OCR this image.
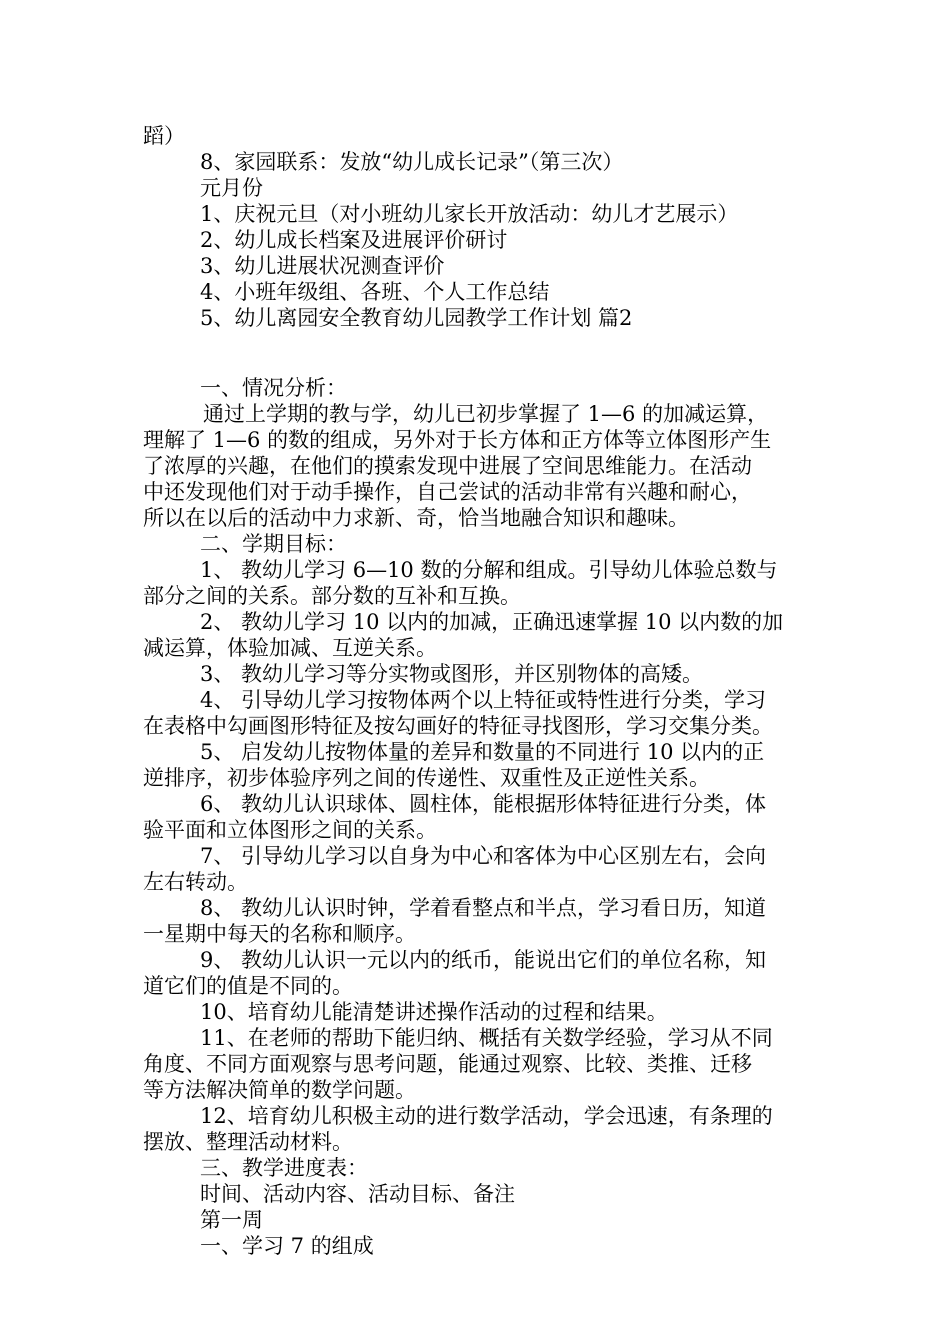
蹈）
8、家园联系：发放“幼儿成长记录”（第三次）
元月份
1、庆祝元旦（对小班幼儿家长开放活动：幼儿才艺展示）
2、幼儿成长档案及进展评价研讨
3、幼儿进展状况测查评价
4、小班年级组、各班、个人工作总结
5、幼儿离园安全教育幼儿园教学工作计划 篇2
一、情况分析：
通过上学期的教与学，幼儿已初步掌握了 1—6 的加减运算，
理解了 1—6 的数的组成，另外对于长方体和正方体等立体图形产生
了浓厚的兴趣，在他们的摸索发现中进展了空间思维能力。在活动
中还发现他们对于动手操作，自己尝试的活动非常有兴趣和耐心，
所以在以后的活动中力求新、奇，恰当地融合知识和趣味。
二、学期目标：
1、 教幼儿学习 6—10 数的分解和组成。引导幼儿体验总数与
部分之间的关系。部分数的互补和互换。
2、 教幼儿学习 10 以内的加减，正确迅速掌握 10 以内数的加
减运算，体验加减、互逆关系。
3、 教幼儿学习等分实物或图形，并区别物体的高矮。
4、 引导幼儿学习按物体两个以上特征或特性进行分类，学习
在表格中勾画图形特征及按勾画好的特征寻找图形，学习交集分类。
5、 启发幼儿按物体量的差异和数量的不同进行 10 以内的正
逆排序，初步体验序列之间的传递性、双重性及正逆性关系。
6、 教幼儿认识球体、圆柱体，能根据形体特征进行分类，体
验平面和立体图形之间的关系。
7、 引导幼儿学习以自身为中心和客体为中心区别左右，会向
左右转动。
8、 教幼儿认识时钟，学着看整点和半点，学习看日历，知道
一星期中每天的名称和顺序。
9、 教幼儿认识一元以内的纸币，能说出它们的单位名称，知
道它们的值是不同的。
10、培育幼儿能清楚讲述操作活动的过程和结果。
11、在老师的帮助下能归纳、概括有关数学经验，学习从不同
角度、不同方面观察与思考问题，能通过观察、比较、类推、迁移
等方法解决简单的数学问题。
12、培育幼儿积极主动的进行数学活动，学会迅速，有条理的
摆放、整理活动材料。
三、教学进度表：
时间、活动内容、活动目标、备注
第一周
一、学习 7 的组成
